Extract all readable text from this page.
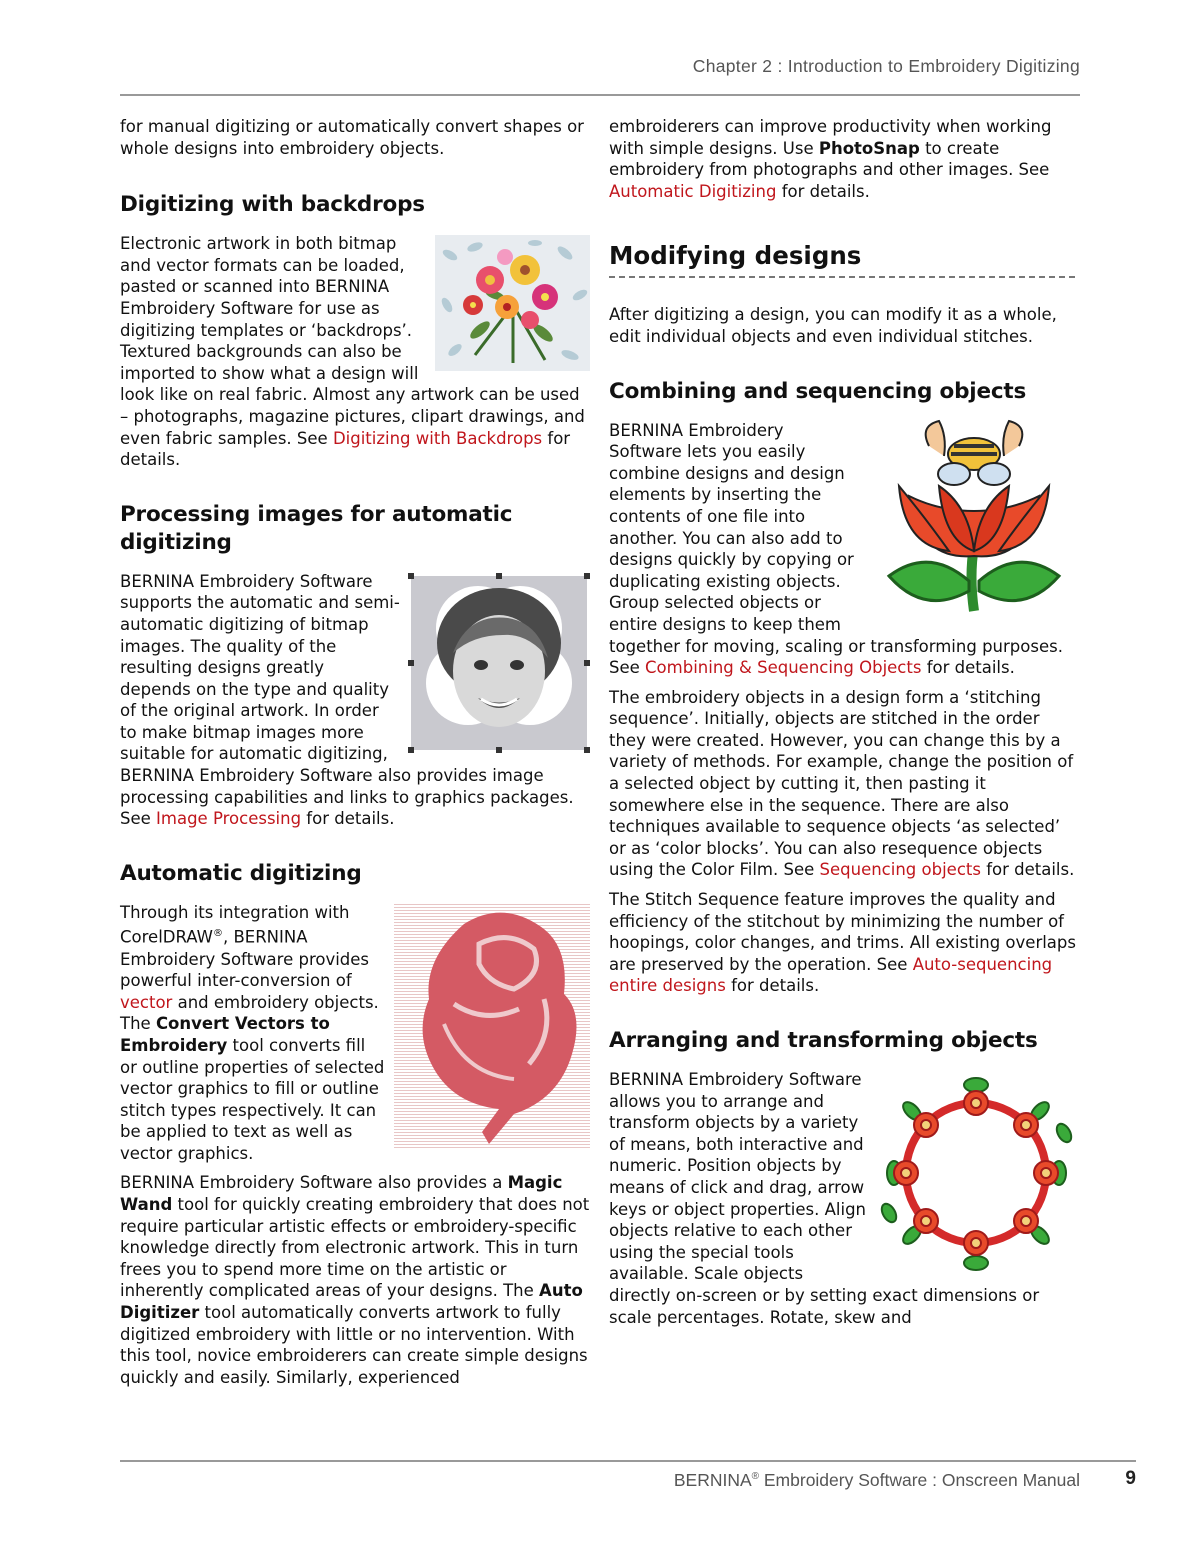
Chapter 2 : Introduction to Embroidery Digitizing

for manual digitizing or automatically convert shapes or whole designs into embroidery objects.

Digitizing with backdrops

Electronic artwork in both bitmap and vector formats can be loaded, pasted or scanned into BERNINA Embroidery Software for use as digitizing templates or ‘backdrops’. Textured backgrounds can also be imported to show what a design will look like on real fabric. Almost any artwork can be used – photographs, magazine pictures, clipart drawings, and even fabric samples. See Digitizing with Backdrops for details.

Processing images for automatic digitizing

BERNINA Embroidery Software supports the automatic and semi-automatic digitizing of bitmap images. The quality of the resulting designs greatly depends on the type and quality of the original artwork. In order to make bitmap images more suitable for automatic digitizing, BERNINA Embroidery Software also provides image processing capabilities and links to graphics packages. See Image Processing for details.

Automatic digitizing

Through its integration with CorelDRAW®, BERNINA Embroidery Software provides powerful inter-conversion of vector and embroidery objects. The Convert Vectors to Embroidery tool converts fill or outline properties of selected vector graphics to fill or outline stitch types respectively. It can be applied to text as well as vector graphics.

BERNINA Embroidery Software also provides a Magic Wand tool for quickly creating embroidery that does not require particular artistic effects or embroidery-specific knowledge directly from electronic artwork. This in turn frees you to spend more time on the artistic or inherently complicated areas of your designs. The Auto Digitizer tool automatically converts artwork to fully digitized embroidery with little or no intervention. With this tool, novice embroiderers can create simple designs quickly and easily. Similarly, experienced

embroiderers can improve productivity when working with simple designs. Use PhotoSnap to create embroidery from photographs and other images. See Automatic Digitizing for details.

Modifying designs

After digitizing a design, you can modify it as a whole, edit individual objects and even individual stitches.

Combining and sequencing objects

BERNINA Embroidery Software lets you easily combine designs and design elements by inserting the contents of one file into another. You can also add to designs quickly by copying or duplicating existing objects. Group selected objects or entire designs to keep them together for moving, scaling or transforming purposes. See Combining & Sequencing Objects for details.

The embroidery objects in a design form a ‘stitching sequence’. Initially, objects are stitched in the order they were created. However, you can change this by a variety of methods. For example, change the position of a selected object by cutting it, then pasting it somewhere else in the sequence. There are also techniques available to sequence objects ‘as selected’ or as ‘color blocks’. You can also resequence objects using the Color Film. See Sequencing objects for details.

The Stitch Sequence feature improves the quality and efficiency of the stitchout by minimizing the number of hoopings, color changes, and trims. All existing overlaps are preserved by the operation. See Auto-sequencing entire designs for details.

Arranging and transforming objects

BERNINA Embroidery Software allows you to arrange and transform objects by a variety of means, both interactive and numeric. Position objects by means of click and drag, arrow keys or object properties. Align objects relative to each other using the special tools available. Scale objects directly on-screen or by setting exact dimensions or scale percentages. Rotate, skew and

BERNINA® Embroidery Software : Onscreen Manual 9
